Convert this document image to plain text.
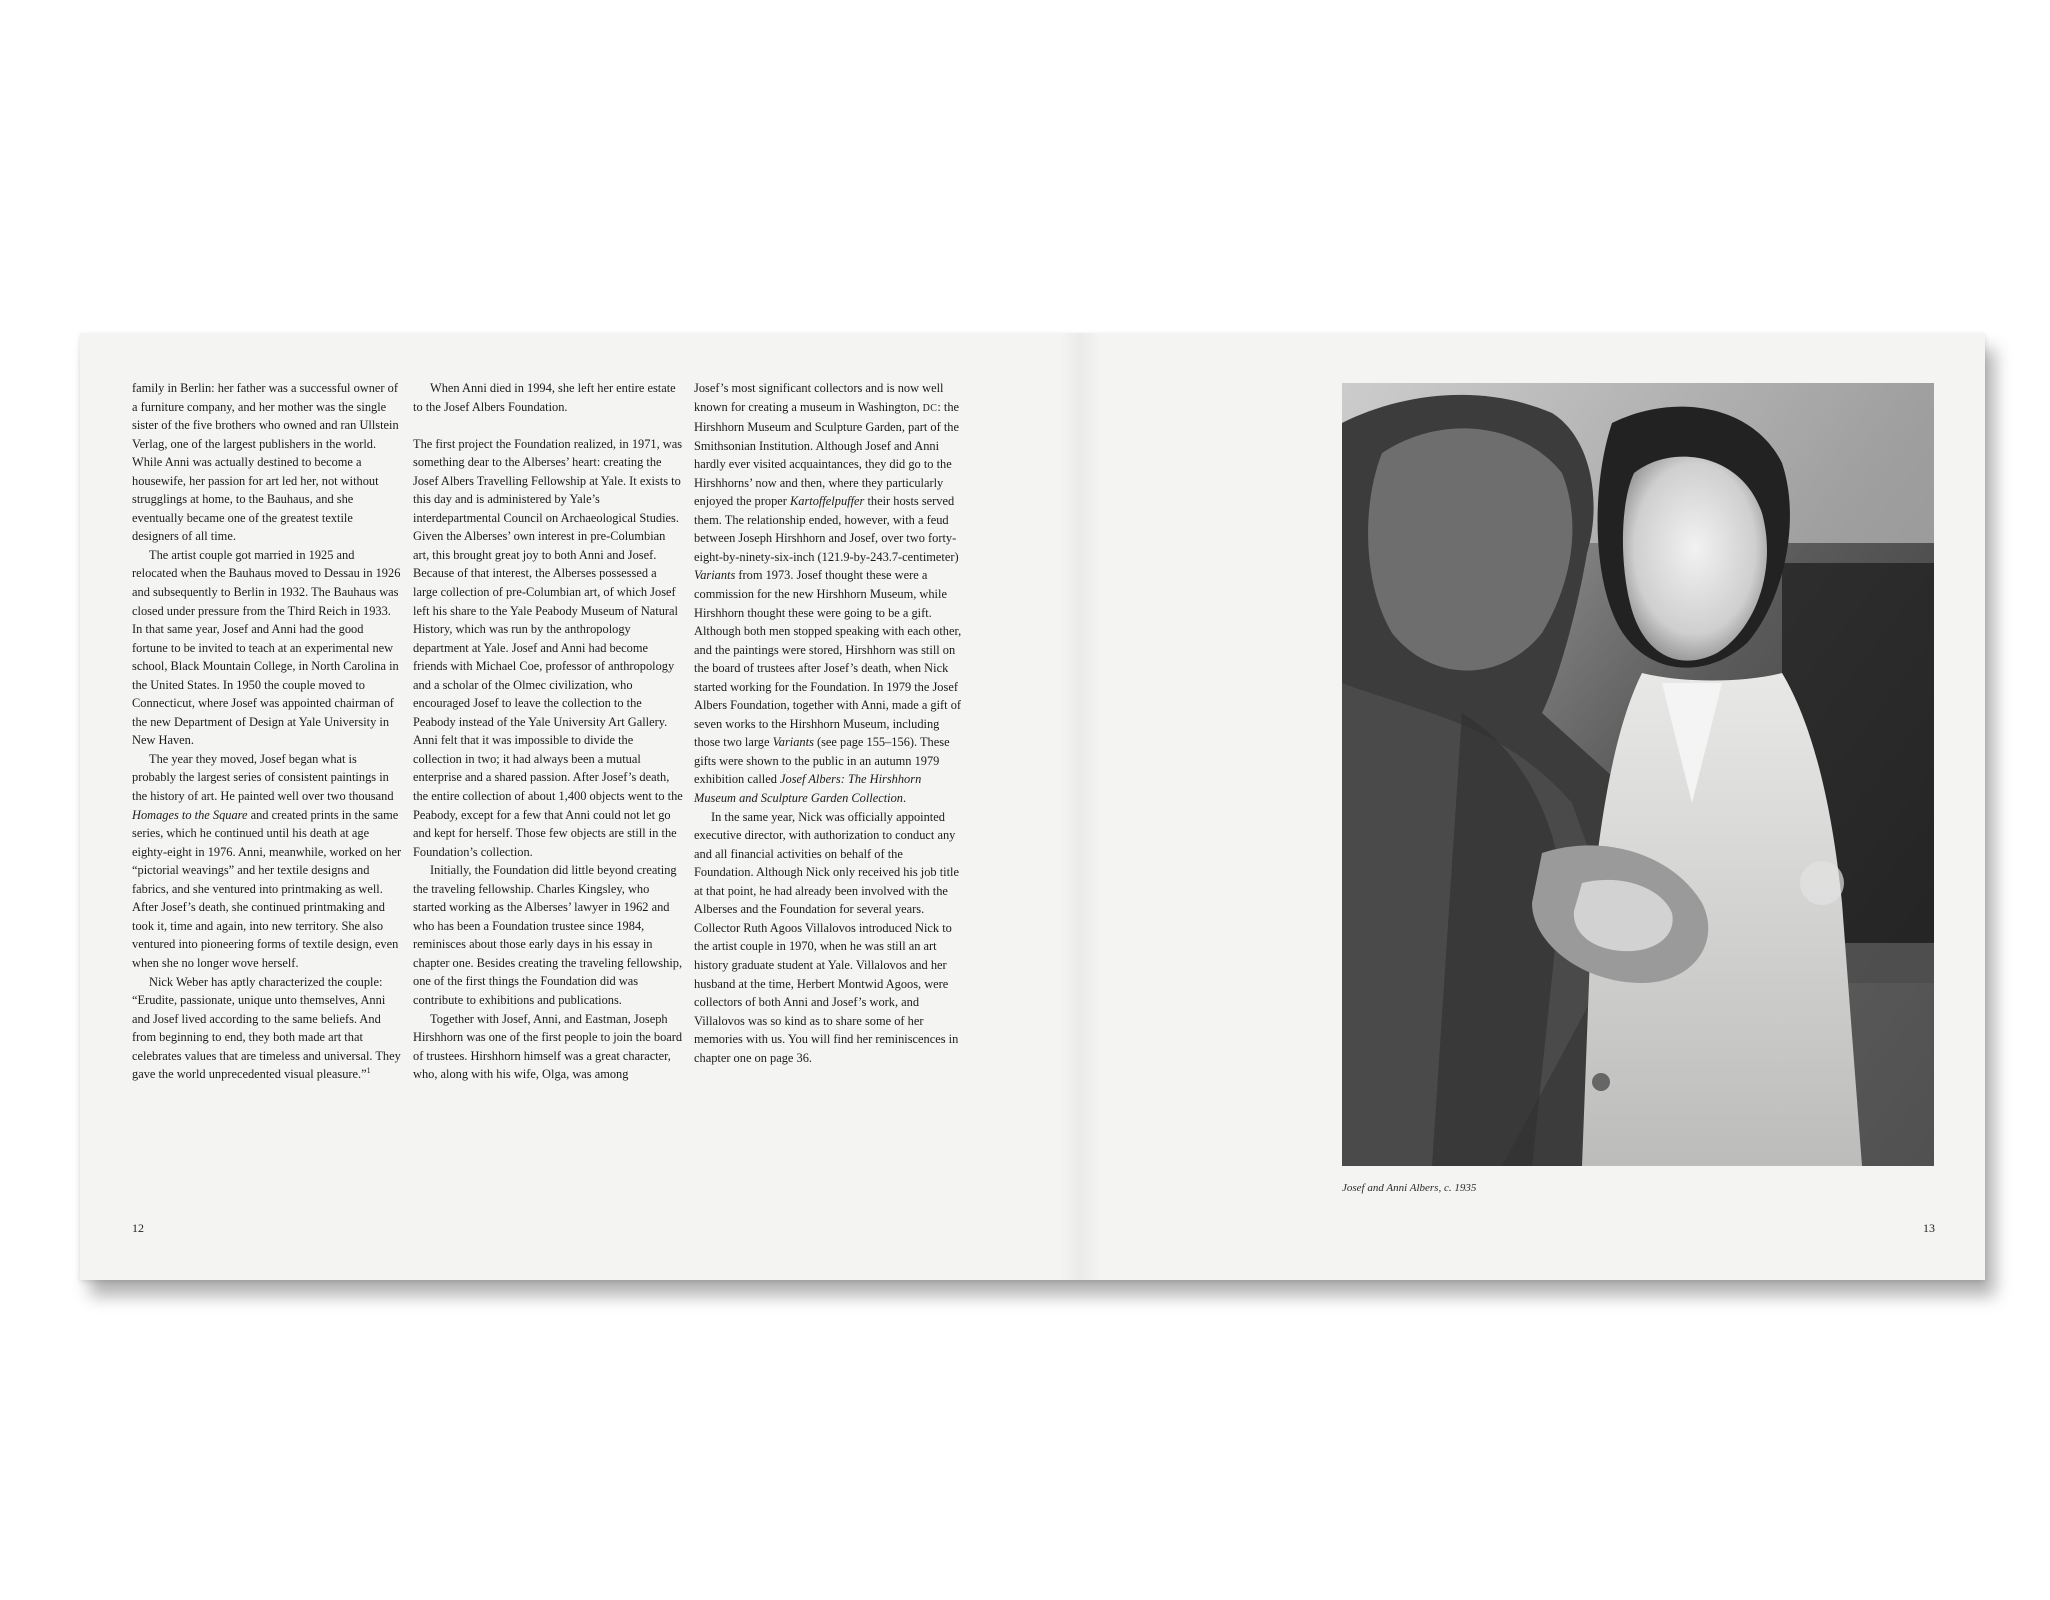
family in Berlin: her father was a successful owner of a furniture company, and her mother was the single sister of the five brothers who owned and ran Ullstein Verlag, one of the largest publishers in the world. While Anni was actually destined to become a housewife, her passion for art led her, not without strugglings at home, to the Bauhaus, and she eventually became one of the greatest textile designers of all time.

The artist couple got married in 1925 and relocated when the Bauhaus moved to Dessau in 1926 and subsequently to Berlin in 1932. The Bauhaus was closed under pressure from the Third Reich in 1933. In that same year, Josef and Anni had the good fortune to be invited to teach at an experimental new school, Black Mountain College, in North Carolina in the United States. In 1950 the couple moved to Connecticut, where Josef was appointed chairman of the new Department of Design at Yale University in New Haven.

The year they moved, Josef began what is probably the largest series of consistent paintings in the history of art. He painted well over two thousand Homages to the Square and created prints in the same series, which he continued until his death at age eighty-eight in 1976. Anni, meanwhile, worked on her “pictorial weavings” and her textile designs and fabrics, and she ventured into printmaking as well. After Josef’s death, she continued printmaking and took it, time and again, into new territory. She also ventured into pioneering forms of textile design, even when she no longer wove herself.

Nick Weber has aptly characterized the couple: “Erudite, passionate, unique unto themselves, Anni and Josef lived according to the same beliefs. And from beginning to end, they both made art that celebrates values that are timeless and universal. They gave the world unprecedented visual pleasure.”$^1$

When Anni died in 1994, she left her entire estate to the Josef Albers Foundation.

The first project the Foundation realized, in 1971, was something dear to the Alberses’ heart: creating the Josef Albers Travelling Fellowship at Yale. It exists to this day and is administered by Yale’s interdepartmental Council on Archaeological Studies. Given the Alberses’ own interest in pre-Columbian art, this brought great joy to both Anni and Josef. Because of that interest, the Alberses possessed a large collection of pre-Columbian art, of which Josef left his share to the Yale Peabody Museum of Natural History, which was run by the anthropology department at Yale. Josef and Anni had become friends with Michael Coe, professor of anthropology and a scholar of the Olmec civilization, who encouraged Josef to leave the collection to the Peabody instead of the Yale University Art Gallery. Anni felt that it was impossible to divide the collection in two; it had always been a mutual enterprise and a shared passion. After Josef’s death, the entire collection of about 1,400 objects went to the Peabody, except for a few that Anni could not let go and kept for herself. Those few objects are still in the Foundation’s collection.

Initially, the Foundation did little beyond creating the traveling fellowship. Charles Kingsley, who started working as the Alberses’ lawyer in 1962 and who has been a Foundation trustee since 1984, reminisces about those early days in his essay in chapter one. Besides creating the traveling fellowship, one of the first things the Foundation did was contribute to exhibitions and publications.

Together with Josef, Anni, and Eastman, Joseph Hirshhorn was one of the first people to join the board of trustees. Hirshhorn himself was a great character, who, along with his wife, Olga, was among

Josef’s most significant collectors and is now well known for creating a museum in Washington, DC: the Hirshhorn Museum and Sculpture Garden, part of the Smithsonian Institution. Although Josef and Anni hardly ever visited acquaintances, they did go to the Hirshhorns’ now and then, where they particularly enjoyed the proper Kartoffelpuffer their hosts served them. The relationship ended, however, with a feud between Joseph Hirshhorn and Josef, over two forty-eight-by-ninety-six-inch (121.9-by-243.7-centimeter) Variants from 1973. Josef thought these were a commission for the new Hirshhorn Museum, while Hirshhorn thought these were going to be a gift. Although both men stopped speaking with each other, and the paintings were stored, Hirshhorn was still on the board of trustees after Josef’s death, when Nick started working for the Foundation. In 1979 the Josef Albers Foundation, together with Anni, made a gift of seven works to the Hirshhorn Museum, including those two large Variants (see page 155–156). These gifts were shown to the public in an autumn 1979 exhibition called Josef Albers: The Hirshhorn Museum and Sculpture Garden Collection.

In the same year, Nick was officially appointed executive director, with authorization to conduct any and all financial activities on behalf of the Foundation. Although Nick only received his job title at that point, he had already been involved with the Alberses and the Foundation for several years. Collector Ruth Agoos Villalovos introduced Nick to the artist couple in 1970, when he was still an art history graduate student at Yale. Villalovos and her husband at the time, Herbert Montwid Agoos, were collectors of both Anni and Josef’s work, and Villalovos was so kind as to share some of her memories with us. You will find her reminiscences in chapter one on page 36.

12
Josef and Anni Albers, c. 1935
13
